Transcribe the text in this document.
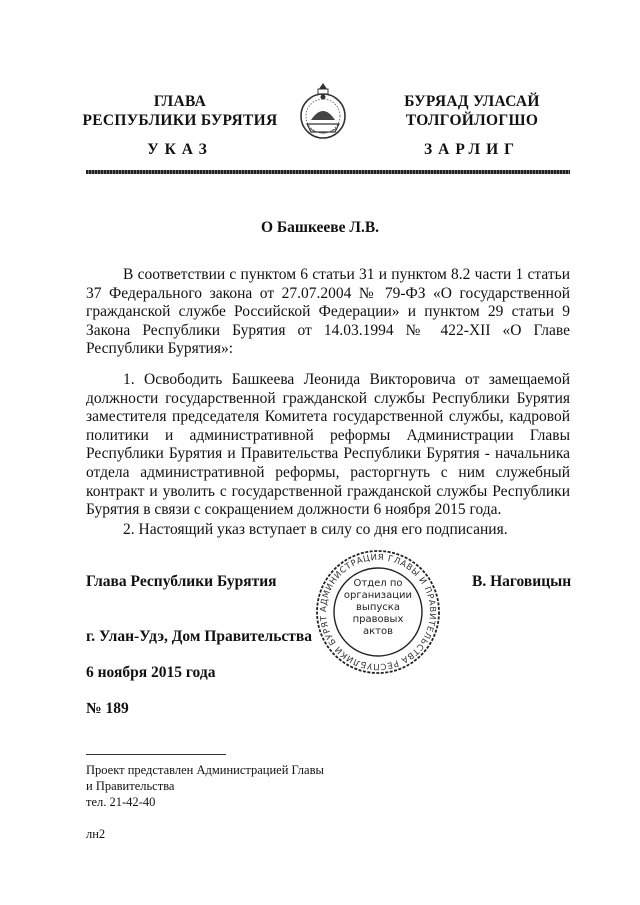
ГЛАВА
РЕСПУБЛИКИ БУРЯТИЯ
БУРЯАД УЛАСАЙ
ТОЛГОЙЛОГШО
УКАЗ	ЗАРЛИГ
О Башкееве Л.В.

В соответствии с пунктом 6 статьи 31 и пунктом 8.2 части 1 статьи 37 Федерального закона от 27.07.2004 № 79-ФЗ «О государственной гражданской службе Российской Федерации» и пунктом 29 статьи 9 Закона Республики Бурятия от 14.03.1994 № 422-XII «О Главе Республики Бурятия»:

1. Освободить Башкеева Леонида Викторовича от замещаемой должности государственной гражданской службы Республики Бурятия заместителя председателя Комитета государственной службы, кадровой политики и административной реформы Администрации Главы Республики Бурятия и Правительства Республики Бурятия - начальника отдела административной реформы, расторгнуть с ним служебный контракт и уволить с государственной гражданской службы Республики Бурятия в связи с сокращением должности 6 ноября 2015 года.

2. Настоящий указ вступает в силу со дня его подписания.

Глава Республики Бурятия	В. Наговицын
г. Улан-Удэ, Дом Правительства
6 ноября 2015 года
№ 189
АДМИНИСТРАЦИЯ ГЛАВЫ И ПРАВИТЕЛЬСТВА РЕСПУБЛИКИ БУРЯТ
Отдел по
организации
выпуска
правовых
актов
Проект представлен Администрацией Главы
и Правительства
тел. 21-42-40
лн2
